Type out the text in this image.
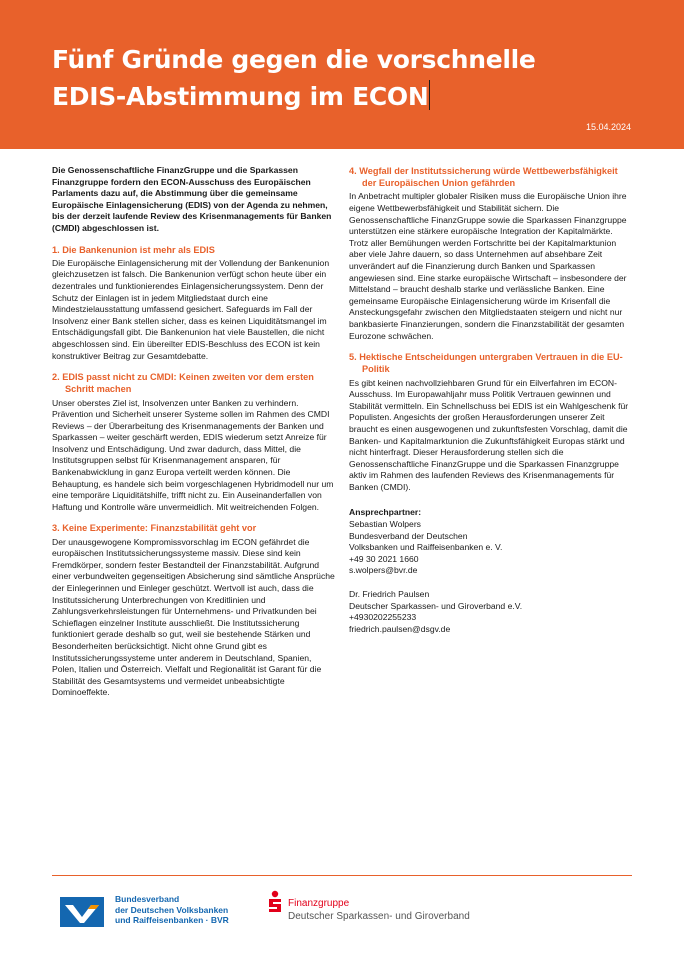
Fünf Gründe gegen die vorschnelle
EDIS-Abstimmung im ECON
15.04.2024

Die Genossenschaftliche FinanzGruppe und die Sparkassen Finanzgruppe fordern den ECON-Ausschuss des Europäischen Parlaments dazu auf, die Abstimmung über die gemeinsame Europäische Einlagensicherung (EDIS) von der Agenda zu nehmen, bis der derzeit laufende Review des Krisenmanagements für Banken (CMDI) abgeschlossen ist.

1. Die Bankenunion ist mehr als EDIS

Die Europäische Einlagensicherung mit der Vollendung der Bankenunion gleichzusetzen ist falsch. Die Bankenunion verfügt schon heute über ein dezentrales und funktionierendes Einlagensicherungssystem. Denn der Schutz der Einlagen ist in jedem Mitgliedstaat durch eine Mindestzielausstattung umfassend gesichert. Safeguards im Fall der Insolvenz einer Bank stellen sicher, dass es keinen Liquiditätsmangel im Entschädigungsfall gibt. Die Bankenunion hat viele Baustellen, die nicht abgeschlossen sind. Ein übereilter EDIS-Beschluss des ECON ist kein konstruktiver Beitrag zur Gesamtdebatte.

2. EDIS passt nicht zu CMDI: Keinen zweiten vor dem ersten Schritt machen

Unser oberstes Ziel ist, Insolvenzen unter Banken zu verhindern. Prävention und Sicherheit unserer Systeme sollen im Rahmen des CMDI Reviews – der Überarbeitung des Krisenmanagements der Banken und Sparkassen – weiter geschärft werden, EDIS wiederum setzt Anreize für Insolvenz und Entschädigung. Und zwar dadurch, dass Mittel, die Institutsgruppen selbst für Krisenmanagement ansparen, für Bankenabwicklung in ganz Europa verteilt werden können. Die Behauptung, es handele sich beim vorgeschlagenen Hybridmodell nur um eine temporäre Liquiditätshilfe, trifft nicht zu. Ein Auseinanderfallen von Haftung und Kontrolle wäre unvermeidlich. Mit weitreichenden Folgen.

3. Keine Experimente: Finanzstabilität geht vor

Der unausgewogene Kompromissvorschlag im ECON gefährdet die europäischen Institutssicherungssysteme massiv. Diese sind kein Fremdkörper, sondern fester Bestandteil der Finanzstabilität. Aufgrund einer verbundweiten gegenseitigen Absicherung sind sämtliche Ansprüche der Einlegerinnen und Einleger geschützt. Wertvoll ist auch, dass die Institutssicherung Unterbrechungen von Kreditlinien und Zahlungsverkehrsleistungen für Unternehmens- und Privatkunden bei Schieflagen einzelner Institute ausschließt. Die Institutssicherung funktioniert gerade deshalb so gut, weil sie bestehende Stärken und Besonderheiten berücksichtigt. Nicht ohne Grund gibt es Institutssicherungssysteme unter anderem in Deutschland, Spanien, Polen, Italien und Österreich. Vielfalt und Regionalität ist Garant für die Stabilität des Gesamtsystems und vermeidet unbeabsichtigte Dominoeffekte.

4. Wegfall der Institutssicherung würde Wettbewerbsfähigkeit der Europäischen Union gefährden

In Anbetracht multipler globaler Risiken muss die Europäische Union ihre eigene Wettbewerbsfähigkeit und Stabilität sichern. Die Genossenschaftliche FinanzGruppe sowie die Sparkassen Finanzgruppe unterstützen eine stärkere europäische Integration der Kapitalmärkte. Trotz aller Bemühungen werden Fortschritte bei der Kapitalmarktunion aber viele Jahre dauern, so dass Unternehmen auf absehbare Zeit unverändert auf die Finanzierung durch Banken und Sparkassen angewiesen sind. Eine starke europäische Wirtschaft – insbesondere der Mittelstand – braucht deshalb starke und verlässliche Banken. Eine gemeinsame Europäische Einlagensicherung würde im Krisenfall die Ansteckungsgefahr zwischen den Mitgliedstaaten steigern und nicht nur bankbasierte Finanzierungen, sondern die Finanzstabilität der gesamten Eurozone schwächen.

5. Hektische Entscheidungen untergraben Vertrauen in die EU-Politik

Es gibt keinen nachvollziehbaren Grund für ein Eilverfahren im ECON-Ausschuss. Im Europawahljahr muss Politik Vertrauen gewinnen und Stabilität vermitteln. Ein Schnellschuss bei EDIS ist ein Wahlgeschenk für Populisten. Angesichts der großen Herausforderungen unserer Zeit braucht es einen ausgewogenen und zukunftsfesten Vorschlag, damit die Banken- und Kapitalmarktunion die Zukunftsfähigkeit Europas stärkt und nicht hinterfragt. Dieser Herausforderung stellen sich die Genossenschaftliche FinanzGruppe und die Sparkassen Finanzgruppe aktiv im Rahmen des laufenden Reviews des Krisenmanagements für Banken (CMDI).

Ansprechpartner:

Sebastian Wolpers

Bundesverband der Deutschen

Volksbanken und Raiffeisenbanken e. V.

+49 30 2021 1660

s.wolpers@bvr.de

Dr. Friedrich Paulsen

Deutscher Sparkassen- und Giroverband e.V.

+4930202255233

friedrich.paulsen@dsgv.de

Bundesverband
der Deutschen Volksbanken
und Raiffeisenbanken · BVR
Finanzgruppe
Deutscher Sparkassen- und Giroverband
